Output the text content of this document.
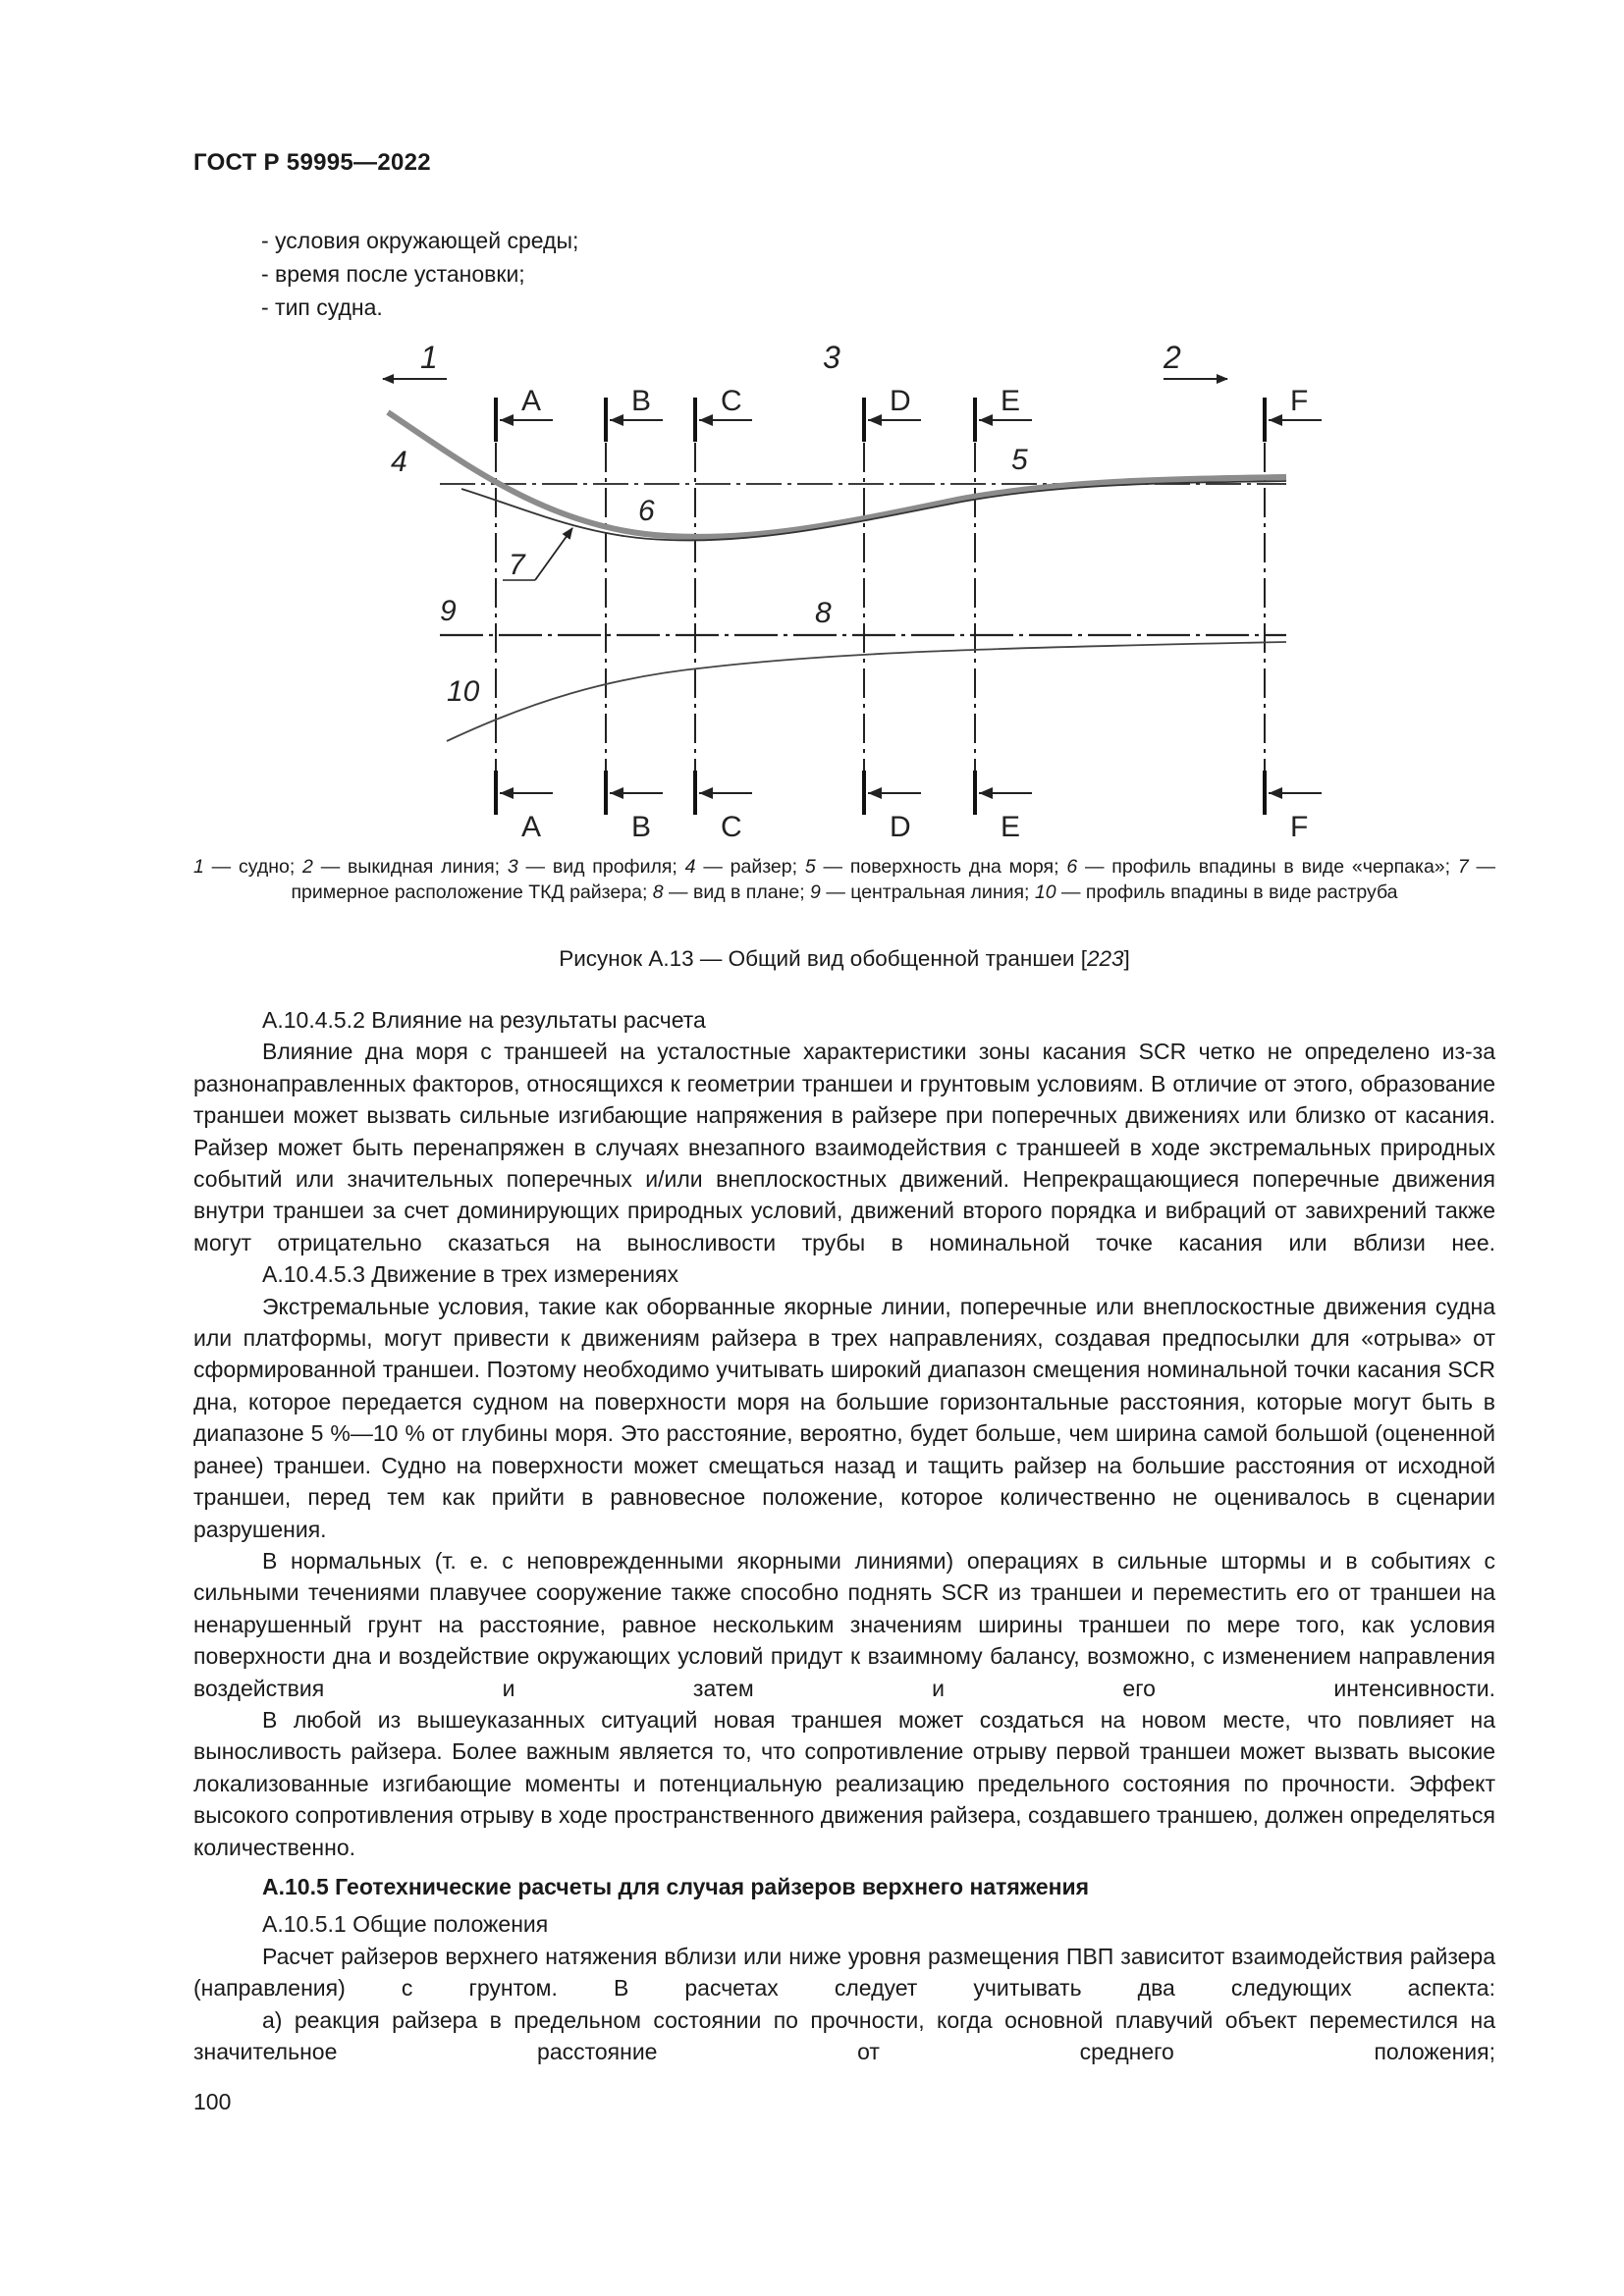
ГОСТ Р 59995—2022
- условия окружающей среды;
- время после установки;
- тип судна.
1	3	2
A
A
B
B
C
C
D
D
E
E
F
F
4	5
6
7
9	8
10
1 — судно; 2 — выкидная линия; 3 — вид профиля; 4 — райзер; 5 — поверхность дна моря; 6 — профиль впадины в виде «черпака»; 7 — примерное расположение ТКД райзера; 8 — вид в плане; 9 — центральная линия; 10 — профиль впадины в виде раструба
Рисунок А.13 — Общий вид обобщенной траншеи [223]

А.10.4.5.2 Влияние на результаты расчета

Влияние дна моря с траншеей на усталостные характеристики зоны касания SCR четко не определено из-за разнонаправленных факторов, относящихся к геометрии траншеи и грунтовым условиям. В отличие от этого, образование траншеи может вызвать сильные изгибающие напряжения в райзере при поперечных движениях или близко от касания. Райзер может быть перенапряжен в случаях внезапного взаимодействия с траншеей в ходе экстремальных природных событий или значительных поперечных и/или внеплоскостных движений. Непрекращающиеся поперечные движения внутри траншеи за счет доминирующих природных условий, движений второго порядка и вибраций от завихрений также могут отрицательно сказаться на выносливости трубы в номинальной точке касания или вблизи нее.

А.10.4.5.3 Движение в трех измерениях

Экстремальные условия, такие как оборванные якорные линии, поперечные или внеплоскостные движения судна или платформы, могут привести к движениям райзера в трех направлениях, создавая предпосылки для «отрыва» от сформированной траншеи. Поэтому необходимо учитывать широкий диапазон смещения номинальной точки касания SCR дна, которое передается судном на поверхности моря на большие горизонтальные расстояния, которые могут быть в диапазоне 5 %—10 % от глубины моря. Это расстояние, вероятно, будет больше, чем ширина самой большой (оцененной ранее) траншеи. Судно на поверхности может смещаться назад и тащить райзер на большие расстояния от исходной траншеи, перед тем как прийти в равновесное положение, которое количественно не оценивалось в сценарии разрушения.

В нормальных (т. е. с неповрежденными якорными линиями) операциях в сильные штормы и в событиях с сильными течениями плавучее сооружение также способно поднять SCR из траншеи и переместить его от траншеи на ненарушенный грунт на расстояние, равное нескольким значениям ширины траншеи по мере того, как условия поверхности дна и воздействие окружающих условий придут к взаимному балансу, возможно, с изменением направления воздействия и затем и его интенсивности.

В любой из вышеуказанных ситуаций новая траншея может создаться на новом месте, что повлияет на выносливость райзера. Более важным является то, что сопротивление отрыву первой траншеи может вызвать высокие локализованные изгибающие моменты и потенциальную реализацию предельного состояния по прочности. Эффект высокого сопротивления отрыву в ходе пространственного движения райзера, создавшего траншею, должен определяться количественно.

А.10.5 Геотехнические расчеты для случая райзеров верхнего натяжения

А.10.5.1 Общие положения

Расчет райзеров верхнего натяжения вблизи или ниже уровня размещения ПВП зависитот взаимодействия райзера (направления) с грунтом. В расчетах следует учитывать два следующих аспекта:

а) реакция райзера в предельном состоянии по прочности, когда основной плавучий объект переместился на значительное расстояние от среднего положения;

100
